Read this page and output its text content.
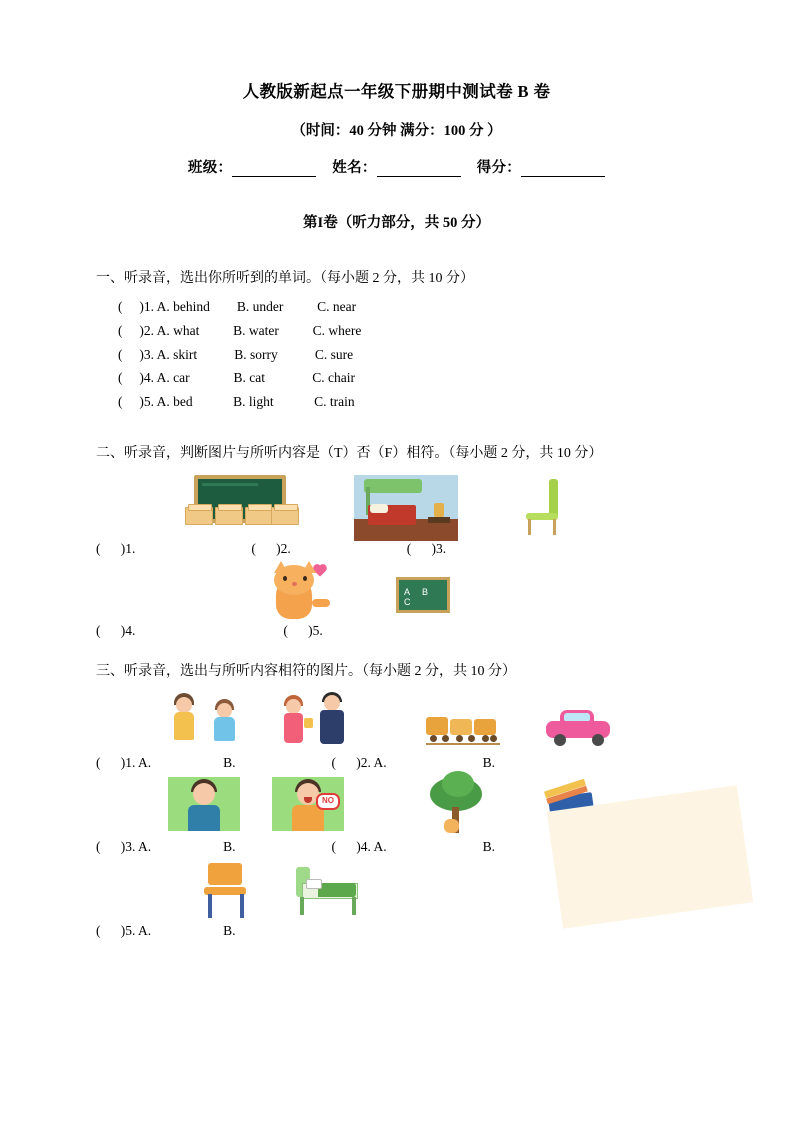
人教版新起点一年级下册期中测试卷 B 卷
（时间：40 分钟 满分：100 分 ）
班级：	姓名：	得分：
第I卷（听力部分，共 50 分）
一、听录音，选出你所听到的单词。（每小题 2 分，共 10 分）
(     )1. A. behind        B. under          C. near
(     )2. A. what          B. water          C. where
(     )3. A. skirt           B. sorry           C. sure
(     )4. A. car             B. cat              C. chair
(     )5. A. bed            B. light            C. train
二、听录音，判断图片与所听内容是（T）否（F）相符。（每小题 2 分，共 10 分）
(      )1.	(      )2.	(      )3.
A B C
(      )4.	(      )5.
三、听录音，选出与所听内容相符的图片。（每小题 2 分，共 10 分）
(      )1. A.	B.	(      )2. A.	B.
NO
(      )3. A.	B.	(      )4. A.	B.
(      )5. A.	B.
